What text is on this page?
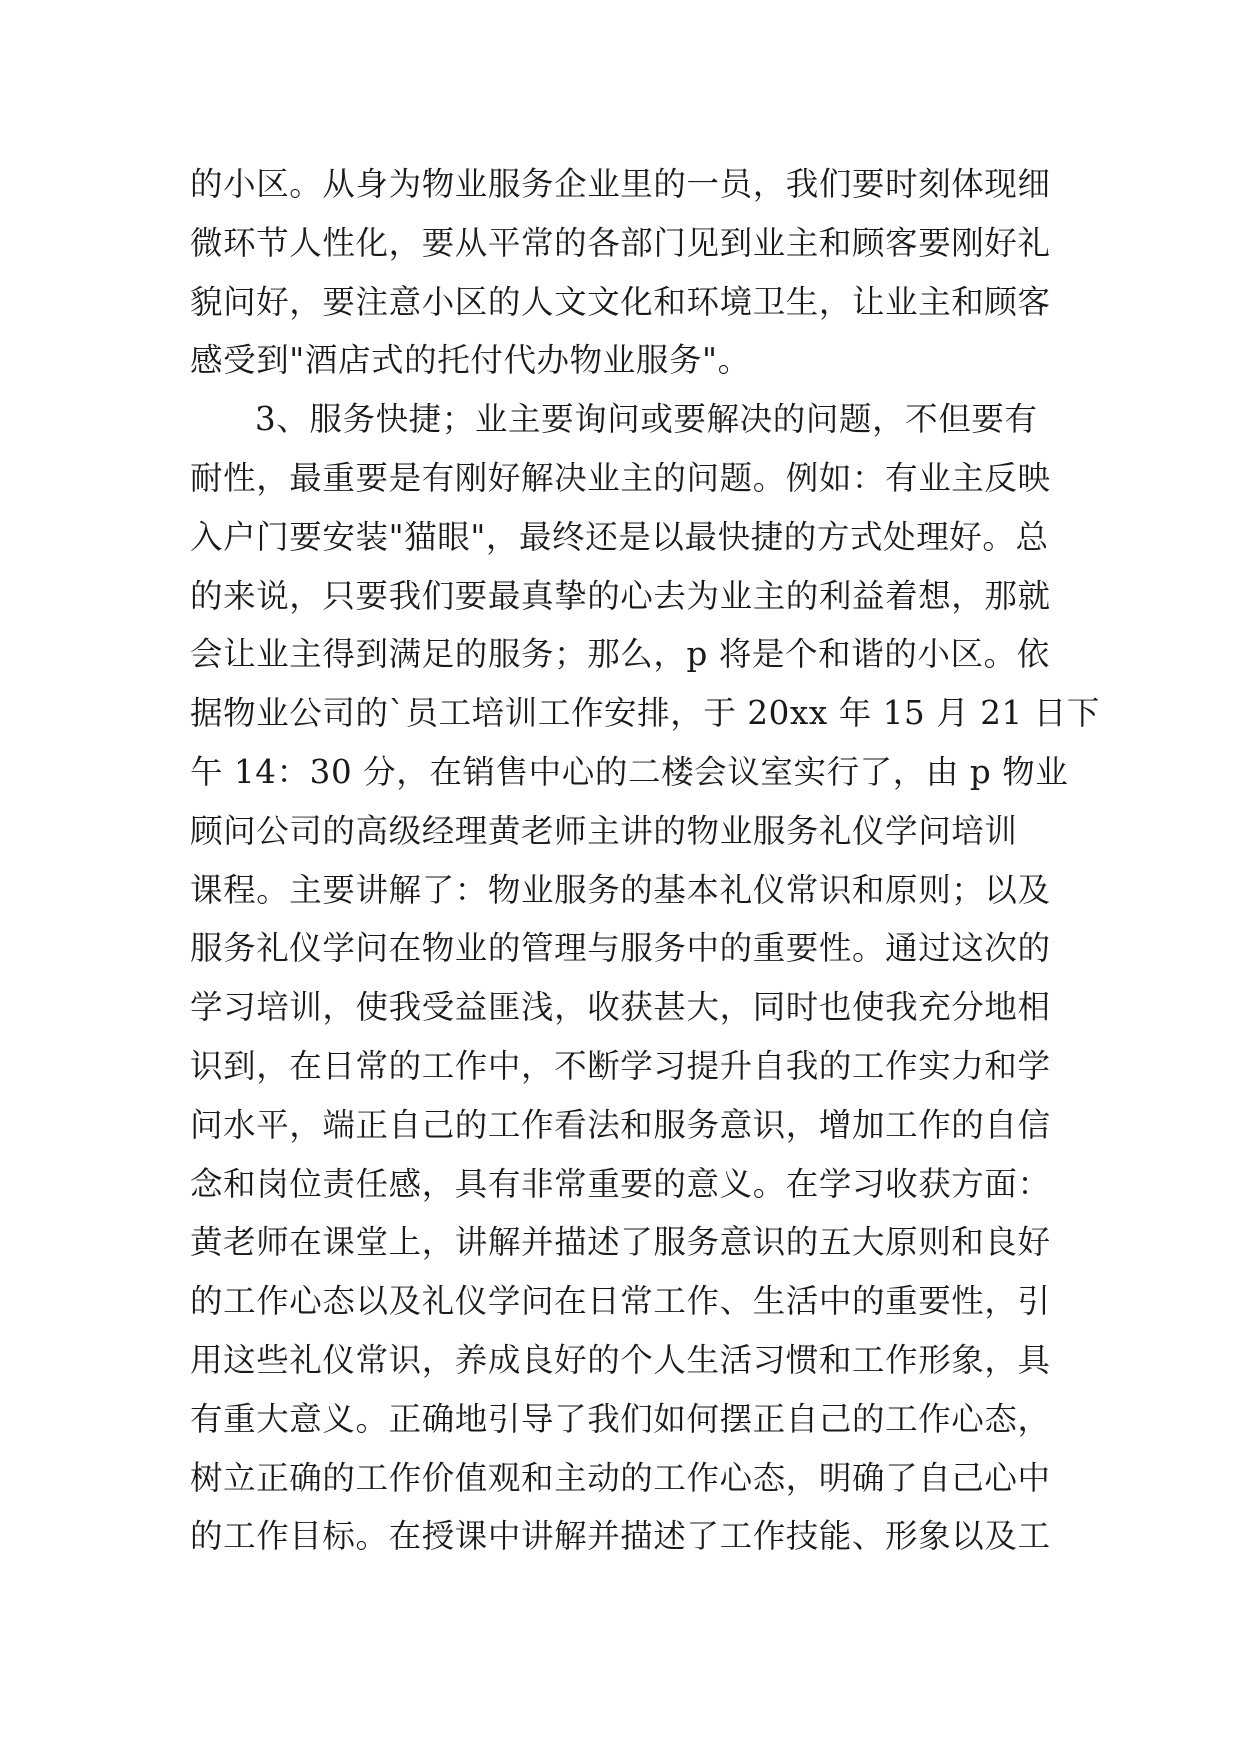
的小区。从身为物业服务企业里的一员，我们要时刻体现细
微环节人性化，要从平常的各部门见到业主和顾客要刚好礼
貌问好，要注意小区的人文文化和环境卫生，让业主和顾客
感受到"酒店式的托付代办物业服务"。
3、服务快捷；业主要询问或要解决的问题，不但要有
耐性，最重要是有刚好解决业主的问题。例如：有业主反映
入户门要安装"猫眼"，最终还是以最快捷的方式处理好。总
的来说，只要我们要最真挚的心去为业主的利益着想，那就
会让业主得到满足的服务；那么，p 将是个和谐的小区。依
据物业公司的`员工培训工作安排，于 20xx 年 15 月 21 日下
午 14：30 分，在销售中心的二楼会议室实行了，由 p 物业
顾问公司的高级经理黄老师主讲的物业服务礼仪学问培训
课程。主要讲解了：物业服务的基本礼仪常识和原则；以及
服务礼仪学问在物业的管理与服务中的重要性。通过这次的
学习培训，使我受益匪浅，收获甚大，同时也使我充分地相
识到，在日常的工作中，不断学习提升自我的工作实力和学
问水平，端正自己的工作看法和服务意识，增加工作的自信
念和岗位责任感，具有非常重要的意义。在学习收获方面：
黄老师在课堂上，讲解并描述了服务意识的五大原则和良好
的工作心态以及礼仪学问在日常工作、生活中的重要性，引
用这些礼仪常识，养成良好的个人生活习惯和工作形象，具
有重大意义。正确地引导了我们如何摆正自己的工作心态，
树立正确的工作价值观和主动的工作心态，明确了自己心中
的工作目标。在授课中讲解并描述了工作技能、形象以及工
